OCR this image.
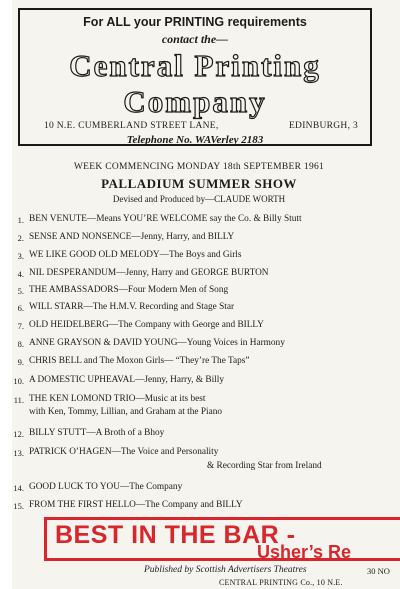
For ALL your PRINTING requirements
contact the—
Central Printing
Company
10 N.E. CUMBERLAND STREET LANE,	EDINBURGH, 3
Telephone No. WAVerley 2183
WEEK COMMENCING MONDAY 18th SEPTEMBER 1961
PALLADIUM SUMMER SHOW
Devised and Produced by—CLAUDE WORTH
1. BEN VENUTE—Means YOU’RE WELCOME say the Co. & Billy Stutt
2. SENSE AND NONSENCE—Jenny, Harry, and BILLY
3. WE LIKE GOOD OLD MELODY—The Boys and Girls
4. NIL DESPERANDUM—Jenny, Harry and GEORGE BURTON
5. THE AMBASSADORS—Four Modern Men of Song
6. WILL STARR—The H.M.V. Recording and Stage Star
7. OLD HEIDELBERG—The Company with George and BILLY
8. ANNE GRAYSON & DAVID YOUNG—Young Voices in Harmony
9. CHRIS BELL and The Moxon Girls— “They’re The Taps”
10. A DOMESTIC UPHEAVAL—Jenny, Harry, & Billy
11. THE KEN LOMOND TRIO—Music at its best
with Ken, Tommy, Lillian, and Graham at the Piano
12. BILLY STUTT—A Broth of a Bhoy
13. PATRICK O’HAGEN—The Voice and Personality
& Recording Star from Ireland
14. GOOD LUCK TO YOU—The Company
15. FROM THE FIRST HELLO—The Company and BILLY
BEST IN THE BAR -
Usher’s Re
Published by Scottish Advertisers Theatres	30 NO
CENTRAL PRINTING Co., 10 N.E.
